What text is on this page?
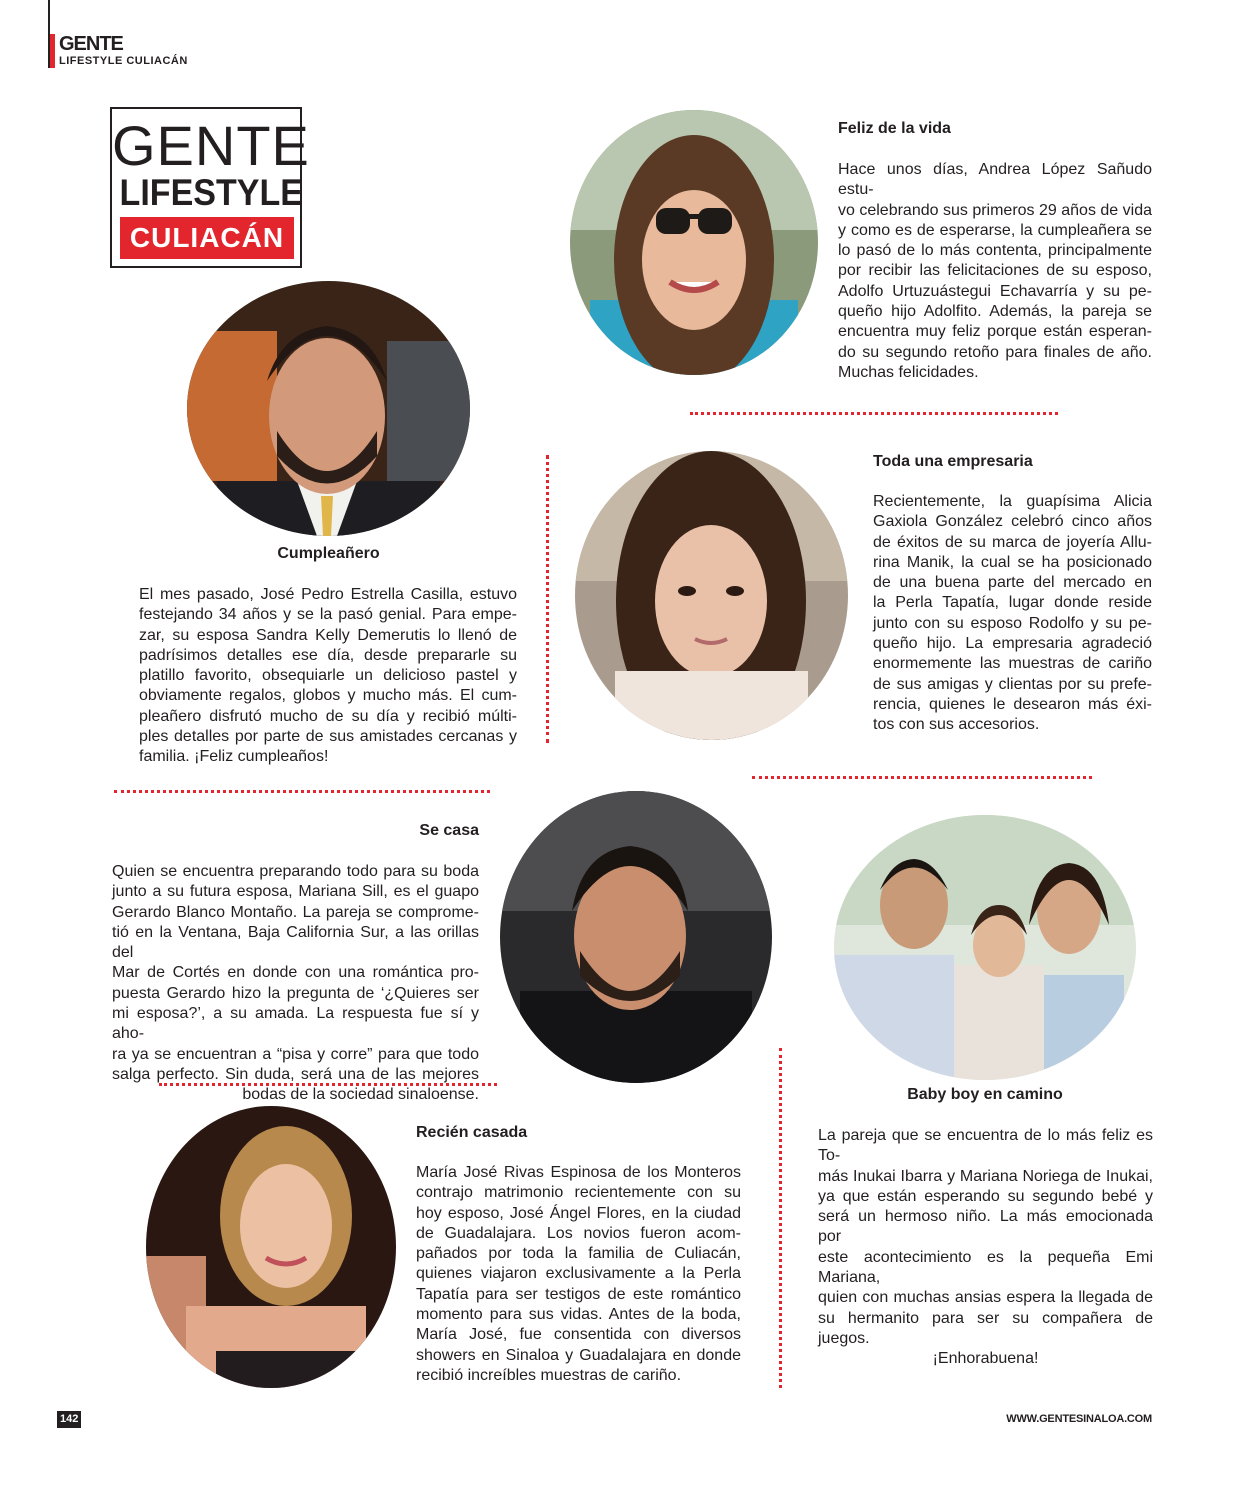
GENTE
LIFESTYLE CULIACÁN
GENTE
LIFESTYLE
CULIACÁN
Feliz de la vida
Hace unos días, Andrea López Sañudo estu-
vo celebrando sus primeros 29 años de vida
y como es de esperarse, la cumpleañera se
lo pasó de lo más contenta, principalmente
por recibir las felicitaciones de su esposo,
Adolfo Urtuzuástegui Echavarría y su pe-
queño hijo Adolfito. Además, la pareja se
encuentra muy feliz porque están esperan-
do su segundo retoño para finales de año.
Muchas felicidades.
Cumpleañero
El mes pasado, José Pedro Estrella Casilla, estuvo
festejando 34 años y se la pasó genial. Para empe-
zar, su esposa Sandra Kelly Demerutis lo llenó de
padrísimos detalles ese día, desde prepararle su
platillo favorito, obsequiarle un delicioso pastel y
obviamente regalos, globos y mucho más. El cum-
pleañero disfrutó mucho de su día y recibió múlti-
ples detalles por parte de sus amistades cercanas y
familia. ¡Feliz cumpleaños!
Toda una empresaria
Recientemente, la guapísima Alicia
Gaxiola González celebró cinco años
de éxitos de su marca de joyería Allu-
rina Manik, la cual se ha posicionado
de una buena parte del mercado en
la Perla Tapatía, lugar donde reside
junto con su esposo Rodolfo y su pe-
queño hijo. La empresaria agradeció
enormemente las muestras de cariño
de sus amigas y clientas por su prefe-
rencia, quienes le desearon más éxi-
tos con sus accesorios.
Se casa
Quien se encuentra preparando todo para su boda
junto a su futura esposa, Mariana Sill, es el guapo
Gerardo Blanco Montaño. La pareja se comprome-
tió en la Ventana, Baja California Sur, a las orillas del
Mar de Cortés en donde con una romántica pro-
puesta Gerardo hizo la pregunta de ‘¿Quieres ser
mi esposa?’, a su amada. La respuesta fue sí y aho-
ra ya se encuentran a “pisa y corre” para que todo
salga perfecto. Sin duda, será una de las mejores
bodas de la sociedad sinaloense.	Baby boy en camino
La pareja que se encuentra de lo más feliz es To-
más Inukai Ibarra y Mariana Noriega de Inukai,
ya que están esperando su segundo bebé y
será un hermoso niño. La más emocionada por
este acontecimiento es la pequeña Emi Mariana,
quien con muchas ansias espera la llegada de
su hermanito para ser su compañera de juegos.
¡Enhorabuena!
Recién casada
María José Rivas Espinosa de los Monteros
contrajo matrimonio recientemente con su
hoy esposo, José Ángel Flores, en la ciudad
de Guadalajara. Los novios fueron acom-
pañados por toda la familia de Culiacán,
quienes viajaron exclusivamente a la Perla
Tapatía para ser testigos de este romántico
momento para sus vidas. Antes de la boda,
María José, fue consentida con diversos
showers en Sinaloa y Guadalajara en donde
recibió increíbles muestras de cariño.
142	WWW.GENTESINALOA.COM
